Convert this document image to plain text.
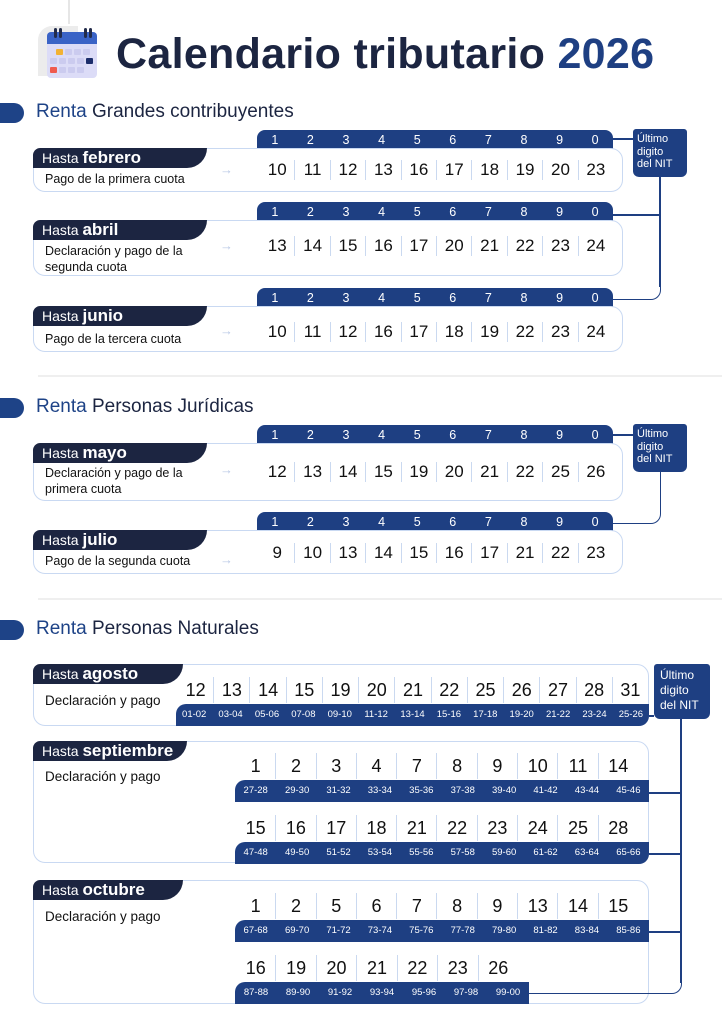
Calendario tributario 2026
Renta Grandes contribuyentes
1	2	3	4	5	6	7	8	9	0
Hasta febrero
Pago de la primera cuota
→	10	11	12 13 16 17 18 19 20 23
1	2	3	4	5	6	7	8	9	0
Hasta abril
Declaración y pago de la
segunda cuota
→	13 14 15 16 17 20 21 22 23 24
1	2	3	4	5	6	7	8	9	0
Hasta junio
Pago de la tercera cuota
→	10	11	12 16 17 18 19 22 23 24
Último
digito
del NIT
Renta Personas Jurídicas
1	2	3	4	5	6	7	8	9	0
Hasta mayo
Declaración y pago de la
primera cuota
→	12 13 14 15 19 20 21 22 25 26
1	2	3	4	5	6	7	8	9	0
Hasta julio
Pago de la segunda cuota →	9	10 13 14 15 16 17 21 22 23
Último
digito
del NIT
Renta Personas Naturales
Hasta agosto
Declaración y pago
12 13 14 15 19 20 21 22 25 26 27 28 31
01-02	03-04	05-06	07-08	09-10	11-12	13-14	15-16	17-18	19-20	21-22	23-24	25-26
Hasta septiembre
Declaración y pago
1	2	3	4	7	8	9	10	11	14
27-28	29-30	31-32	33-34	35-36	37-38	39-40	41-42	43-44	45-46
15	16	17	18	21	22	23	24	25	28
47-48	49-50	51-52	53-54	55-56	57-58	59-60	61-62	63-64	65-66
Hasta octubre
Declaración y pago
1	2	5	6	7	8	9	13	14	15
67-68	69-70	71-72	73-74	75-76	77-78	79-80	81-82	83-84	85-86
16	19	20	21	22	23	26
87-88	89-90	91-92	93-94	95-96	97-98	99-00
Último
digito
del NIT
